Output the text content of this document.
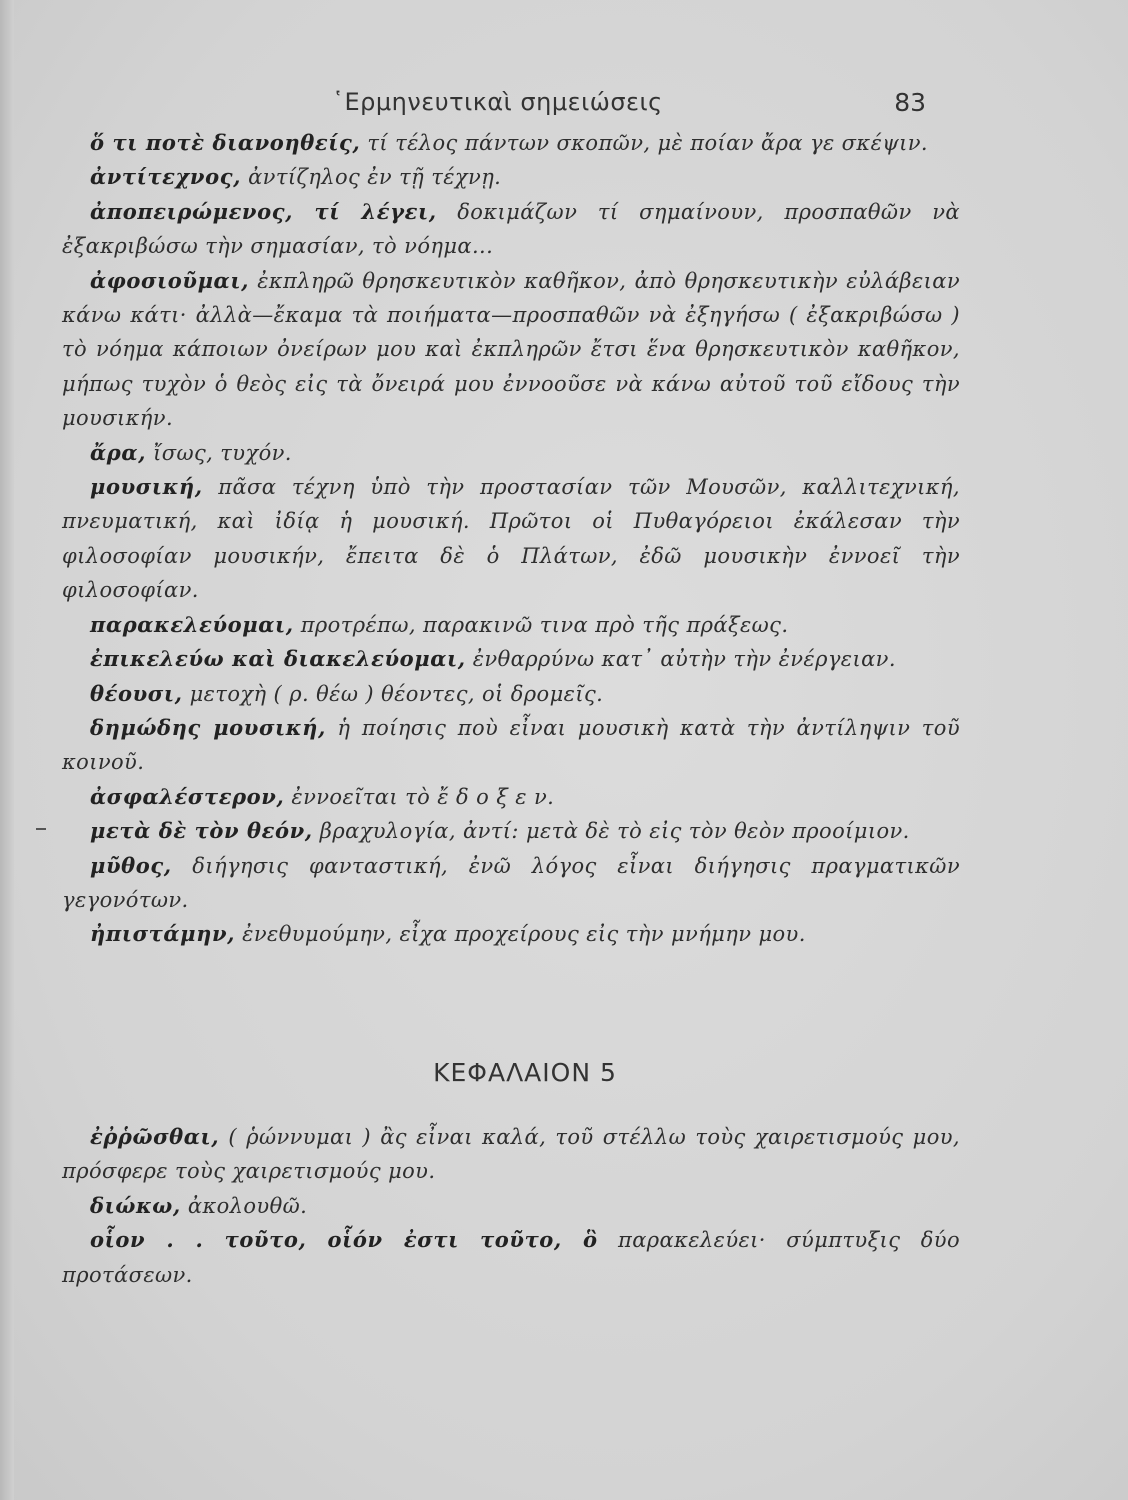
῾Ερμηνευτικαὶ σημειώσεις	83

ὅ τι ποτὲ διανοηθείς, τί τέλος πάντων σκοπῶν, μὲ ποίαν ἄρα γε σκέψιν.

ἀντίτεχνος, ἀντίζηλος ἐν τῇ τέχνῃ.

ἀποπειρώμενος, τί λέγει, δοκιμάζων τί σημαίνουν, προσπαθῶν νὰ ἐξακριβώσω τὴν σημασίαν, τὸ νόημα...

ἀφοσιοῦμαι, ἐκπληρῶ θρησκευτικὸν καθῆκον, ἀπὸ θρησκευτικὴν εὐλάβειαν κάνω κάτι· ἀλλὰ—ἔκαμα τὰ ποιήματα—προσπαθῶν νὰ ἐξηγήσω ( ἐξακριβώσω ) τὸ νόημα κάποιων ὀνείρων μου καὶ ἐκπληρῶν ἔτσι ἕνα θρησκευτικὸν καθῆκον, μήπως τυχὸν ὁ θεὸς εἰς τὰ ὄνειρά μου ἐννοοῦσε νὰ κάνω αὐτοῦ τοῦ εἴδους τὴν μουσικήν.

ἄρα, ἴσως, τυχόν.

μουσική, πᾶσα τέχνη ὑπὸ τὴν προστασίαν τῶν Μουσῶν, καλλιτεχνική, πνευματική, καὶ ἰδίᾳ ἡ μουσική. Πρῶτοι οἱ Πυθαγόρειοι ἐκάλεσαν τὴν φιλοσοφίαν μουσικήν, ἔπειτα δὲ ὁ Πλάτων, ἐδῶ μουσικὴν ἐννοεῖ τὴν φιλοσοφίαν.

παρακελεύομαι, προτρέπω, παρακινῶ τινα πρὸ τῆς πράξεως.

ἐπικελεύω καὶ διακελεύομαι, ἐνθαρρύνω κατ᾽ αὐτὴν τὴν ἐνέργειαν.

θέουσι, μετοχὴ ( ρ. θέω ) θέοντες, οἱ δρομεῖς.

δημώδης μουσική, ἡ ποίησις ποὺ εἶναι μουσικὴ κατὰ τὴν ἀντίληψιν τοῦ κοινοῦ.

ἀσφαλέστερον, ἐννοεῖται τὸ ἔ δ ο ξ ε ν.

μετὰ δὲ τὸν θεόν, βραχυλογία, ἀντί: μετὰ δὲ τὸ εἰς τὸν θεὸν προοίμιον.

μῦθος, διήγησις φανταστική, ἐνῶ λόγος εἶναι διήγησις πραγματικῶν γεγονότων.

ἠπιστάμην, ἐνεθυμούμην, εἶχα προχείρους εἰς τὴν μνήμην μου.

ΚΕΦΑΛΑΙΟΝ 5

ἐῤῥῶσθαι, ( ῥώννυμαι ) ἂς εἶναι καλά, τοῦ στέλλω τοὺς χαιρετισμούς μου, πρόσφερε τοὺς χαιρετισμούς μου.

διώκω, ἀκολουθῶ.

οἷον . . τοῦτο, οἷόν ἐστι τοῦτο, ὃ παρακελεύει· σύμπτυξις δύο προτάσεων.
